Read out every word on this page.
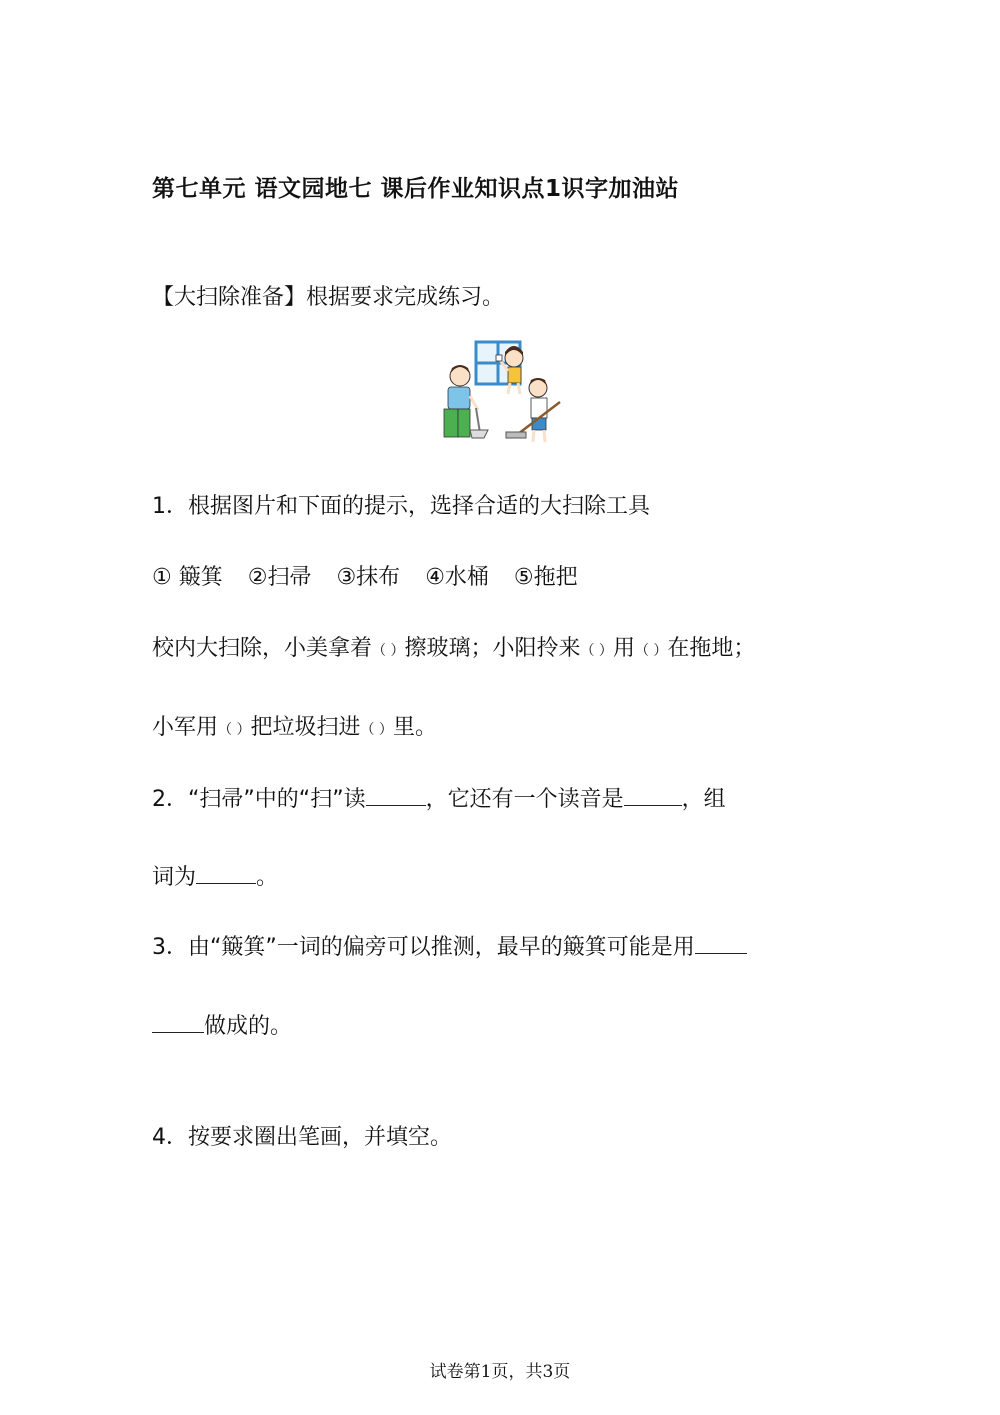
第七单元 语文园地七 课后作业知识点1识字加油站
【大扫除准备】根据要求完成练习。
1．根据图片和下面的提示，选择合适的大扫除工具
① 簸箕 ②扫帚 ③抹布 ④水桶 ⑤拖把
校内大扫除，小美拿着（ ）擦玻璃；小阳拎来（ ）用（ ）在拖地；
小军用（ ）把垃圾扫进（ ）里。
2．“扫帚”中的“扫”读	，它还有一个读音是	，组
词为	。
3．由“簸箕”一词的偏旁可以推测，最早的簸箕可能是用
做成的。
4．按要求圈出笔画，并填空。
试卷第1页，共3页
